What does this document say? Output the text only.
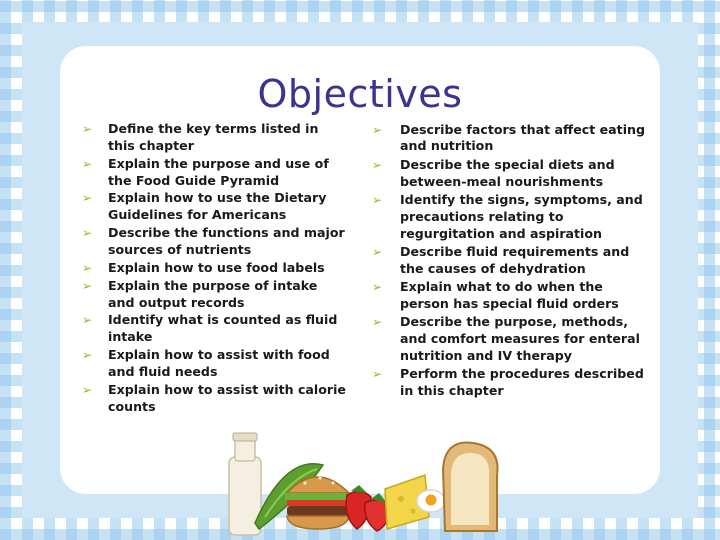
Objectives
➢ Define the key terms listed in this chapter
➢ Explain the purpose and use of the Food Guide Pyramid
➢ Explain how to use the Dietary Guidelines for Americans
➢ Describe the functions and major sources of nutrients
➢ Explain how to use food labels
➢ Explain the purpose of intake and output records
➢ Identify what is counted as fluid intake
➢ Explain how to assist with food and fluid needs
➢ Explain how to assist with calorie counts
➢ Describe factors that affect eating and nutrition
➢ Describe the special diets and between-meal nourishments
➢ Identify the signs, symptoms, and precautions relating to regurgitation and aspiration
➢ Describe fluid requirements and the causes of dehydration
➢ Explain what to do when the person has special fluid orders
➢ Describe the purpose, methods, and comfort measures for enteral nutrition and IV therapy
➢ Perform the procedures described in this chapter
